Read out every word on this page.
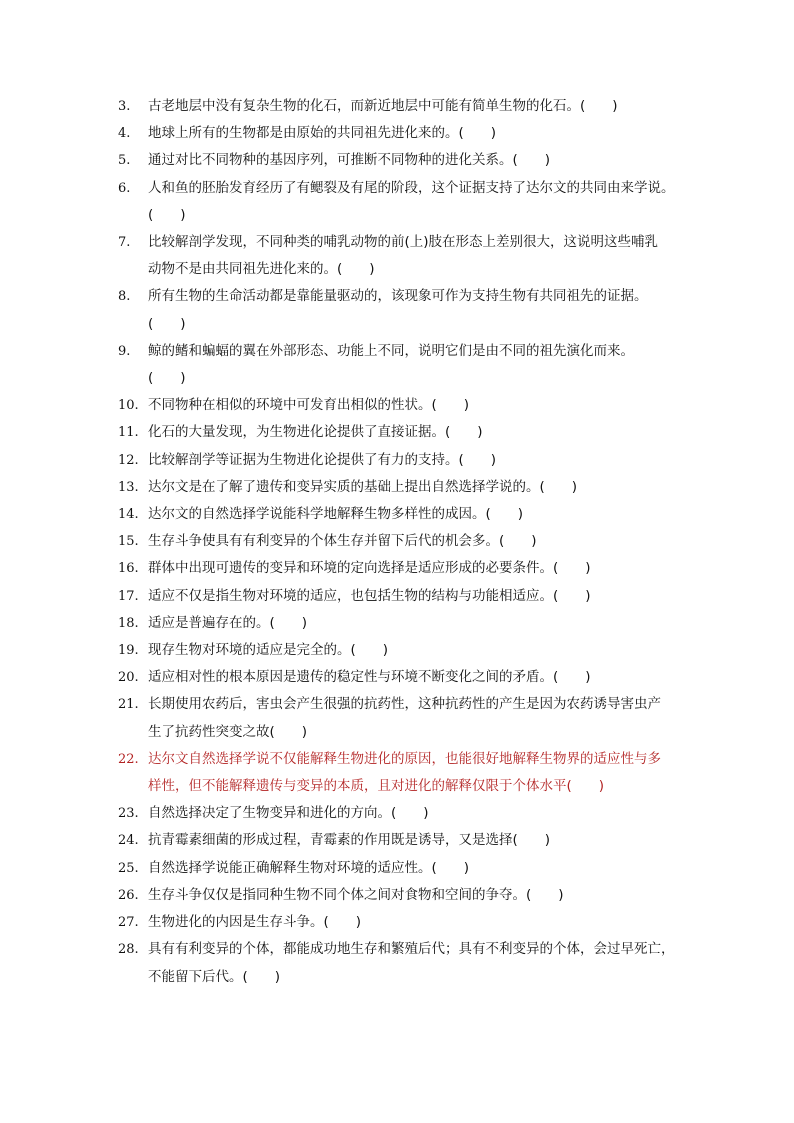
3.	古老地层中没有复杂生物的化石，而新近地层中可能有简单生物的化石。(　　)
4.	地球上所有的生物都是由原始的共同祖先进化来的。(　　)
5.	通过对比不同物种的基因序列，可推断不同物种的进化关系。(　　)
6.	人和鱼的胚胎发育经历了有鳃裂及有尾的阶段，这个证据支持了达尔文的共同由来学说。
(　　)
7.	比较解剖学发现，不同种类的哺乳动物的前(上)肢在形态上差别很大，这说明这些哺乳
动物不是由共同祖先进化来的。(　　)
8.	所有生物的生命活动都是靠能量驱动的，该现象可作为支持生物有共同祖先的证据。
(　　)
9.	鲸的鳍和蝙蝠的翼在外部形态、功能上不同，说明它们是由不同的祖先演化而来。
(　　)
10. 不同物种在相似的环境中可发育出相似的性状。(　　)
11. 化石的大量发现，为生物进化论提供了直接证据。(　　)
12. 比较解剖学等证据为生物进化论提供了有力的支持。(　　)
13. 达尔文是在了解了遗传和变异实质的基础上提出自然选择学说的。(　　)
14. 达尔文的自然选择学说能科学地解释生物多样性的成因。(　　)
15. 生存斗争使具有有利变异的个体生存并留下后代的机会多。(　　)
16. 群体中出现可遗传的变异和环境的定向选择是适应形成的必要条件。(　　)
17. 适应不仅是指生物对环境的适应，也包括生物的结构与功能相适应。(　　)
18. 适应是普遍存在的。(　　)
19. 现存生物对环境的适应是完全的。(　　)
20. 适应相对性的根本原因是遗传的稳定性与环境不断变化之间的矛盾。(　　)
21. 长期使用农药后，害虫会产生很强的抗药性，这种抗药性的产生是因为农药诱导害虫产
生了抗药性突变之故(　　)
22. 达尔文自然选择学说不仅能解释生物进化的原因，也能很好地解释生物界的适应性与多
样性，但不能解释遗传与变异的本质，且对进化的解释仅限于个体水平(　　)
23. 自然选择决定了生物变异和进化的方向。(　　)
24. 抗青霉素细菌的形成过程，青霉素的作用既是诱导，又是选择(　　)
25. 自然选择学说能正确解释生物对环境的适应性。(　　)
26. 生存斗争仅仅是指同种生物不同个体之间对食物和空间的争夺。(　　)
27. 生物进化的内因是生存斗争。(　　)
28. 具有有利变异的个体，都能成功地生存和繁殖后代；具有不利变异的个体，会过早死亡，
不能留下后代。(　　)
